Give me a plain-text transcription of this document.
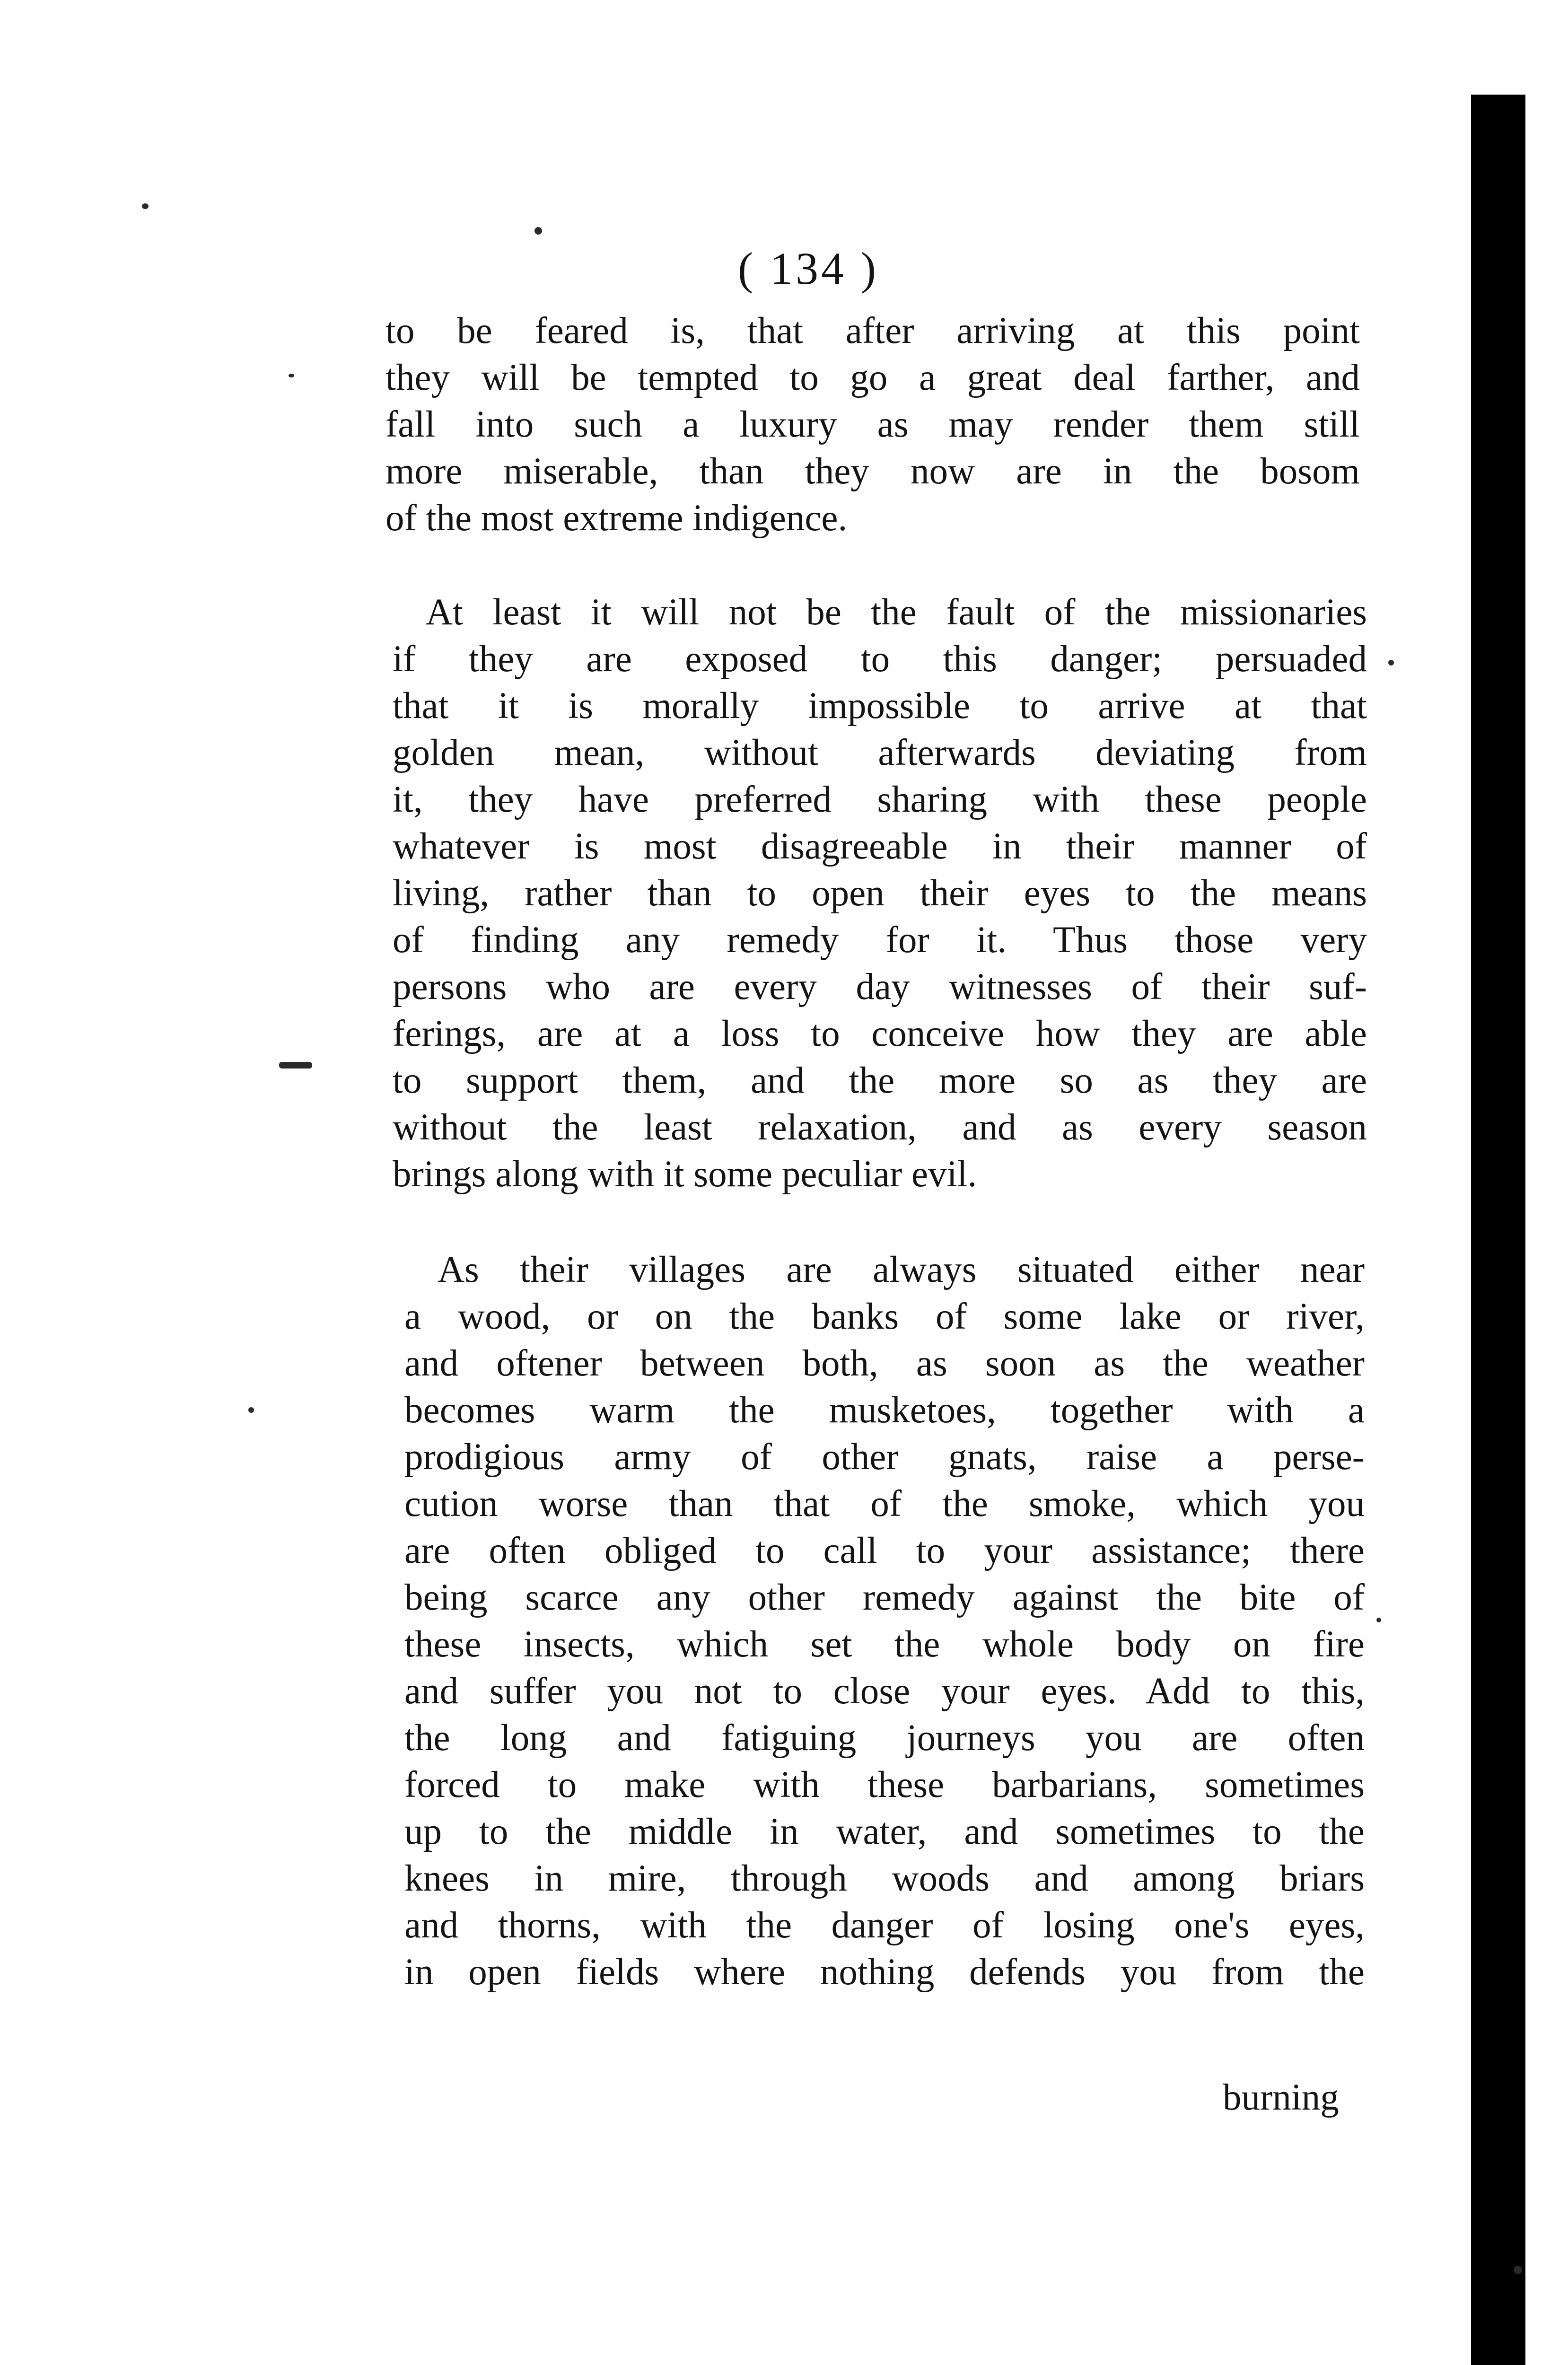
( 134 )
to be feared is, that after arriving at this point
they will be tempted to go a great deal farther, and
fall into such a luxury as may render them still
more miserable, than they now are in the bosom
of the most extreme indigence.
At least it will not be the fault of the missionaries
if they are exposed to this danger; persuaded
that it is morally impossible to arrive at that
golden mean, without afterwards deviating from
it, they have preferred sharing with these people
whatever is most disagreeable in their manner of
living, rather than to open their eyes to the means
of finding any remedy for it. Thus those very
persons who are every day witnesses of their suf-
ferings, are at a loss to conceive how they are able
to support them, and the more so as they are
without the least relaxation, and as every season
brings along with it some peculiar evil.
As their villages are always situated either near
a wood, or on the banks of some lake or river,
and oftener between both, as soon as the weather
becomes warm the musketoes, together with a
prodigious army of other gnats, raise a perse-
cution worse than that of the smoke, which you
are often obliged to call to your assistance; there
being scarce any other remedy against the bite of
these insects, which set the whole body on fire
and suffer you not to close your eyes. Add to this,
the long and fatiguing journeys you are often
forced to make with these barbarians, sometimes
up to the middle in water, and sometimes to the
knees in mire, through woods and among briars
and thorns, with the danger of losing one's eyes,
in open fields where nothing defends you from the
burning
